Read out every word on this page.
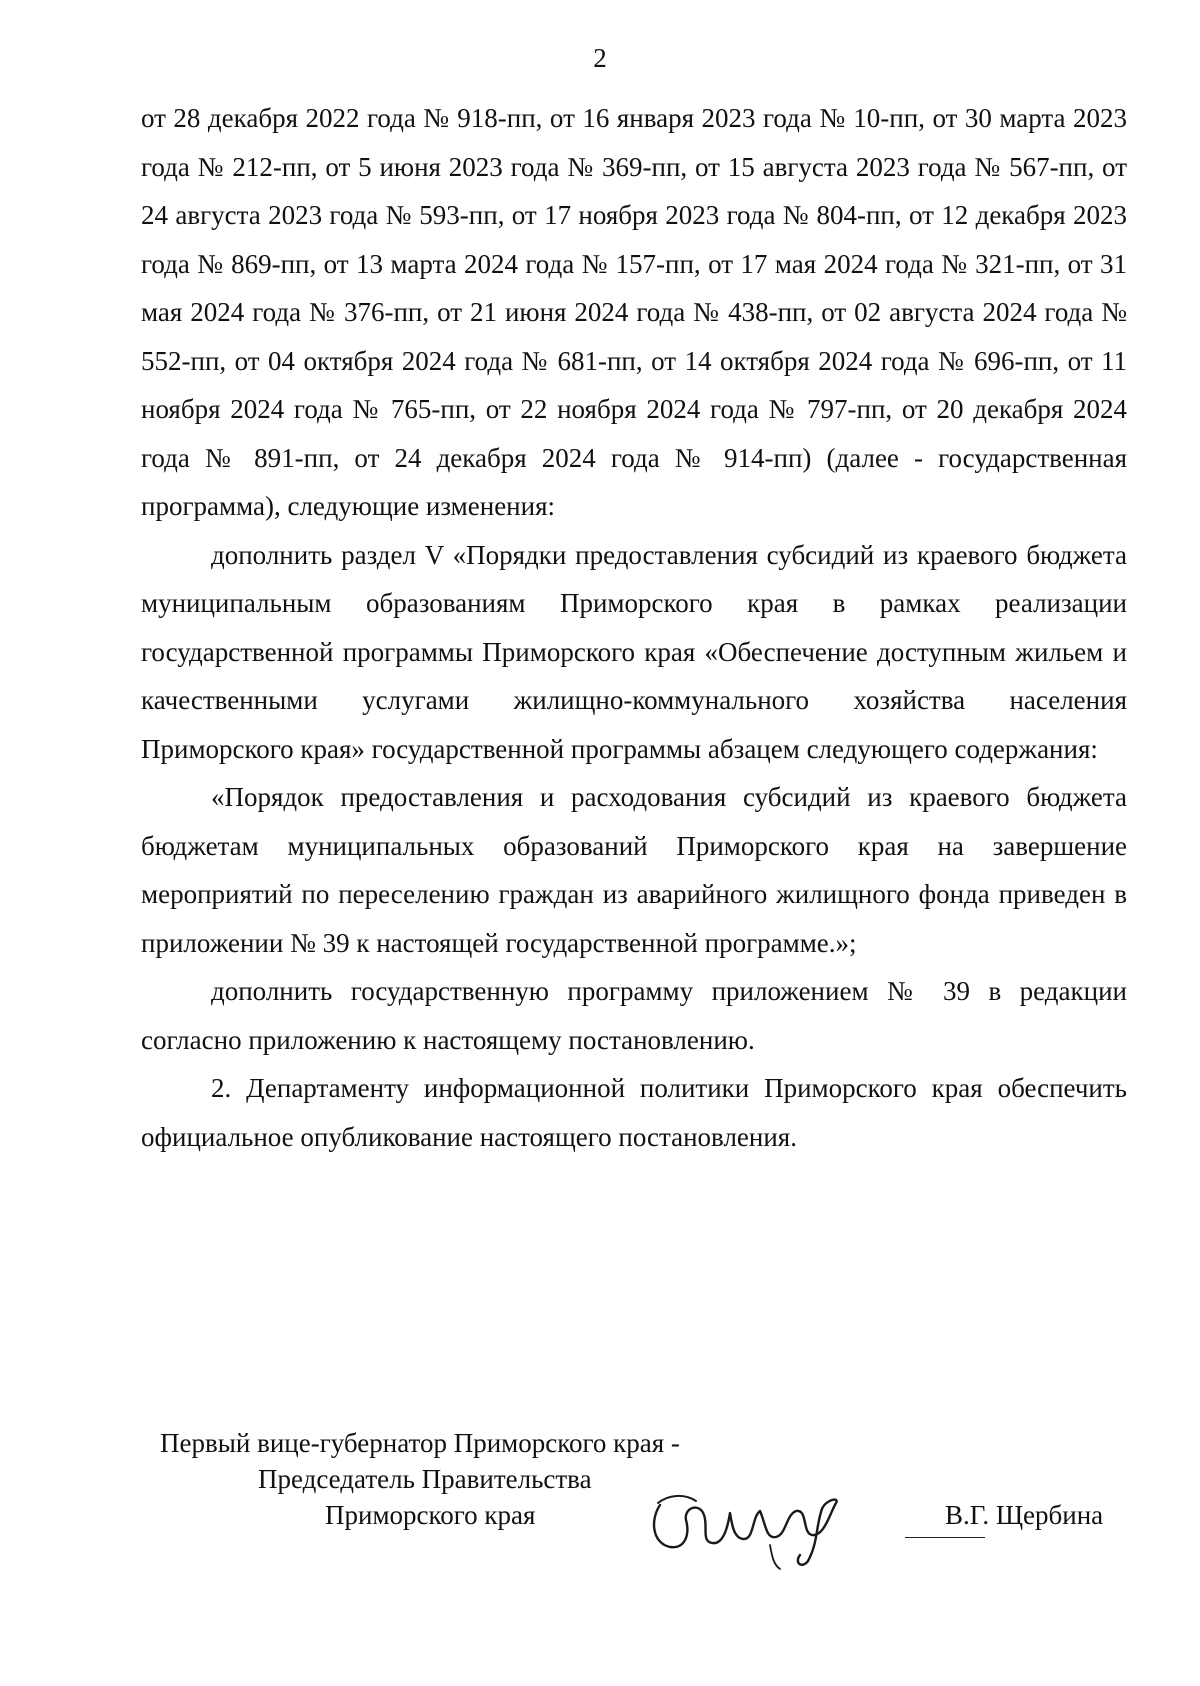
2

от 28 декабря 2022 года № 918-пп, от 16 января 2023 года № 10-пп, от 30 марта 2023 года № 212-пп, от 5 июня 2023 года № 369-пп, от 15 августа 2023 года № 567-пп, от 24 августа 2023 года № 593-пп, от 17 ноября 2023 года № 804-пп, от 12 декабря 2023 года № 869-пп, от 13 марта 2024 года № 157-пп, от 17 мая 2024 года № 321-пп, от 31 мая 2024 года № 376-пп, от 21 июня 2024 года № 438-пп, от 02 августа 2024 года № 552-пп, от 04 октября 2024 года № 681-пп, от 14 октября 2024 года № 696-пп, от 11 ноября 2024 года № 765-пп, от 22 ноября 2024 года № 797-пп, от 20 декабря 2024 года № 891-пп, от 24 декабря 2024 года № 914-пп) (далее - государственная программа), следующие изменения:

дополнить раздел V «Порядки предоставления субсидий из краевого бюджета муниципальным образованиям Приморского края в рамках реализации государственной программы Приморского края «Обеспечение доступным жильем и качественными услугами жилищно-коммунального хозяйства населения Приморского края» государственной программы абзацем следующего содержания:

«Порядок предоставления и расходования субсидий из краевого бюджета бюджетам муниципальных образований Приморского края на завершение мероприятий по переселению граждан из аварийного жилищного фонда приведен в приложении № 39 к настоящей государственной программе.»;

дополнить государственную программу приложением № 39 в редакции согласно приложению к настоящему постановлению.

2. Департаменту информационной политики Приморского края обеспечить официальное опубликование настоящего постановления.

Первый вице-губернатор Приморского края -
Председатель Правительства
Приморского края	В.Г. Щербина
